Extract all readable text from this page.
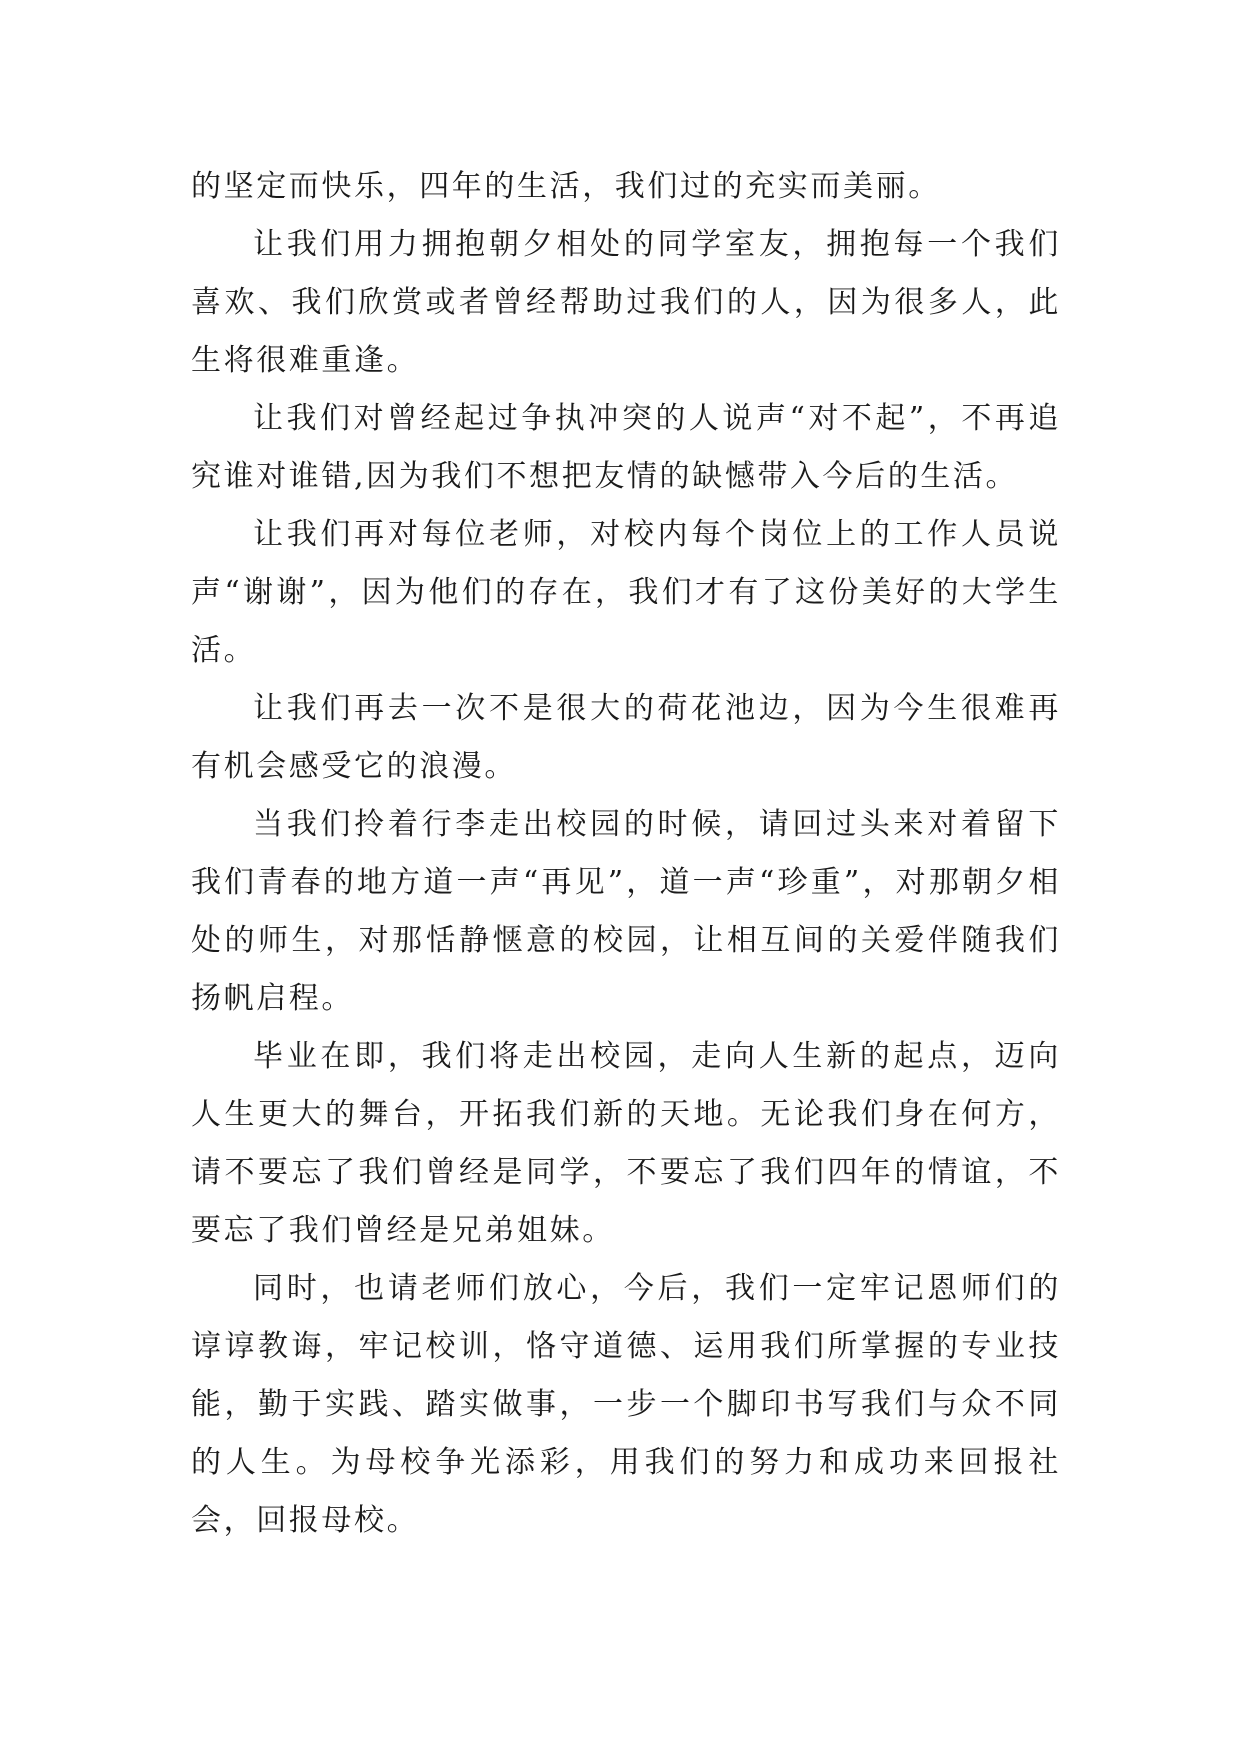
的坚定而快乐，四年的生活，我们过的充实而美丽。

让我们用力拥抱朝夕相处的同学室友，拥抱每一个我们喜欢、我们欣赏或者曾经帮助过我们的人，因为很多人，此生将很难重逢。

让我们对曾经起过争执冲突的人说声“对不起”，不再追究谁对谁错,因为我们不想把友情的缺憾带入今后的生活。

让我们再对每位老师，对校内每个岗位上的工作人员说声“谢谢”，因为他们的存在，我们才有了这份美好的大学生活。

让我们再去一次不是很大的荷花池边，因为今生很难再有机会感受它的浪漫。

当我们拎着行李走出校园的时候，请回过头来对着留下我们青春的地方道一声“再见”，道一声“珍重”，对那朝夕相处的师生，对那恬静惬意的校园，让相互间的关爱伴随我们扬帆启程。

毕业在即，我们将走出校园，走向人生新的起点，迈向人生更大的舞台，开拓我们新的天地。无论我们身在何方，请不要忘了我们曾经是同学，不要忘了我们四年的情谊，不要忘了我们曾经是兄弟姐妹。

同时，也请老师们放心，今后，我们一定牢记恩师们的谆谆教诲，牢记校训，恪守道德、运用我们所掌握的专业技能，勤于实践、踏实做事，一步一个脚印书写我们与众不同的人生。为母校争光添彩，用我们的努力和成功来回报社会，回报母校。
